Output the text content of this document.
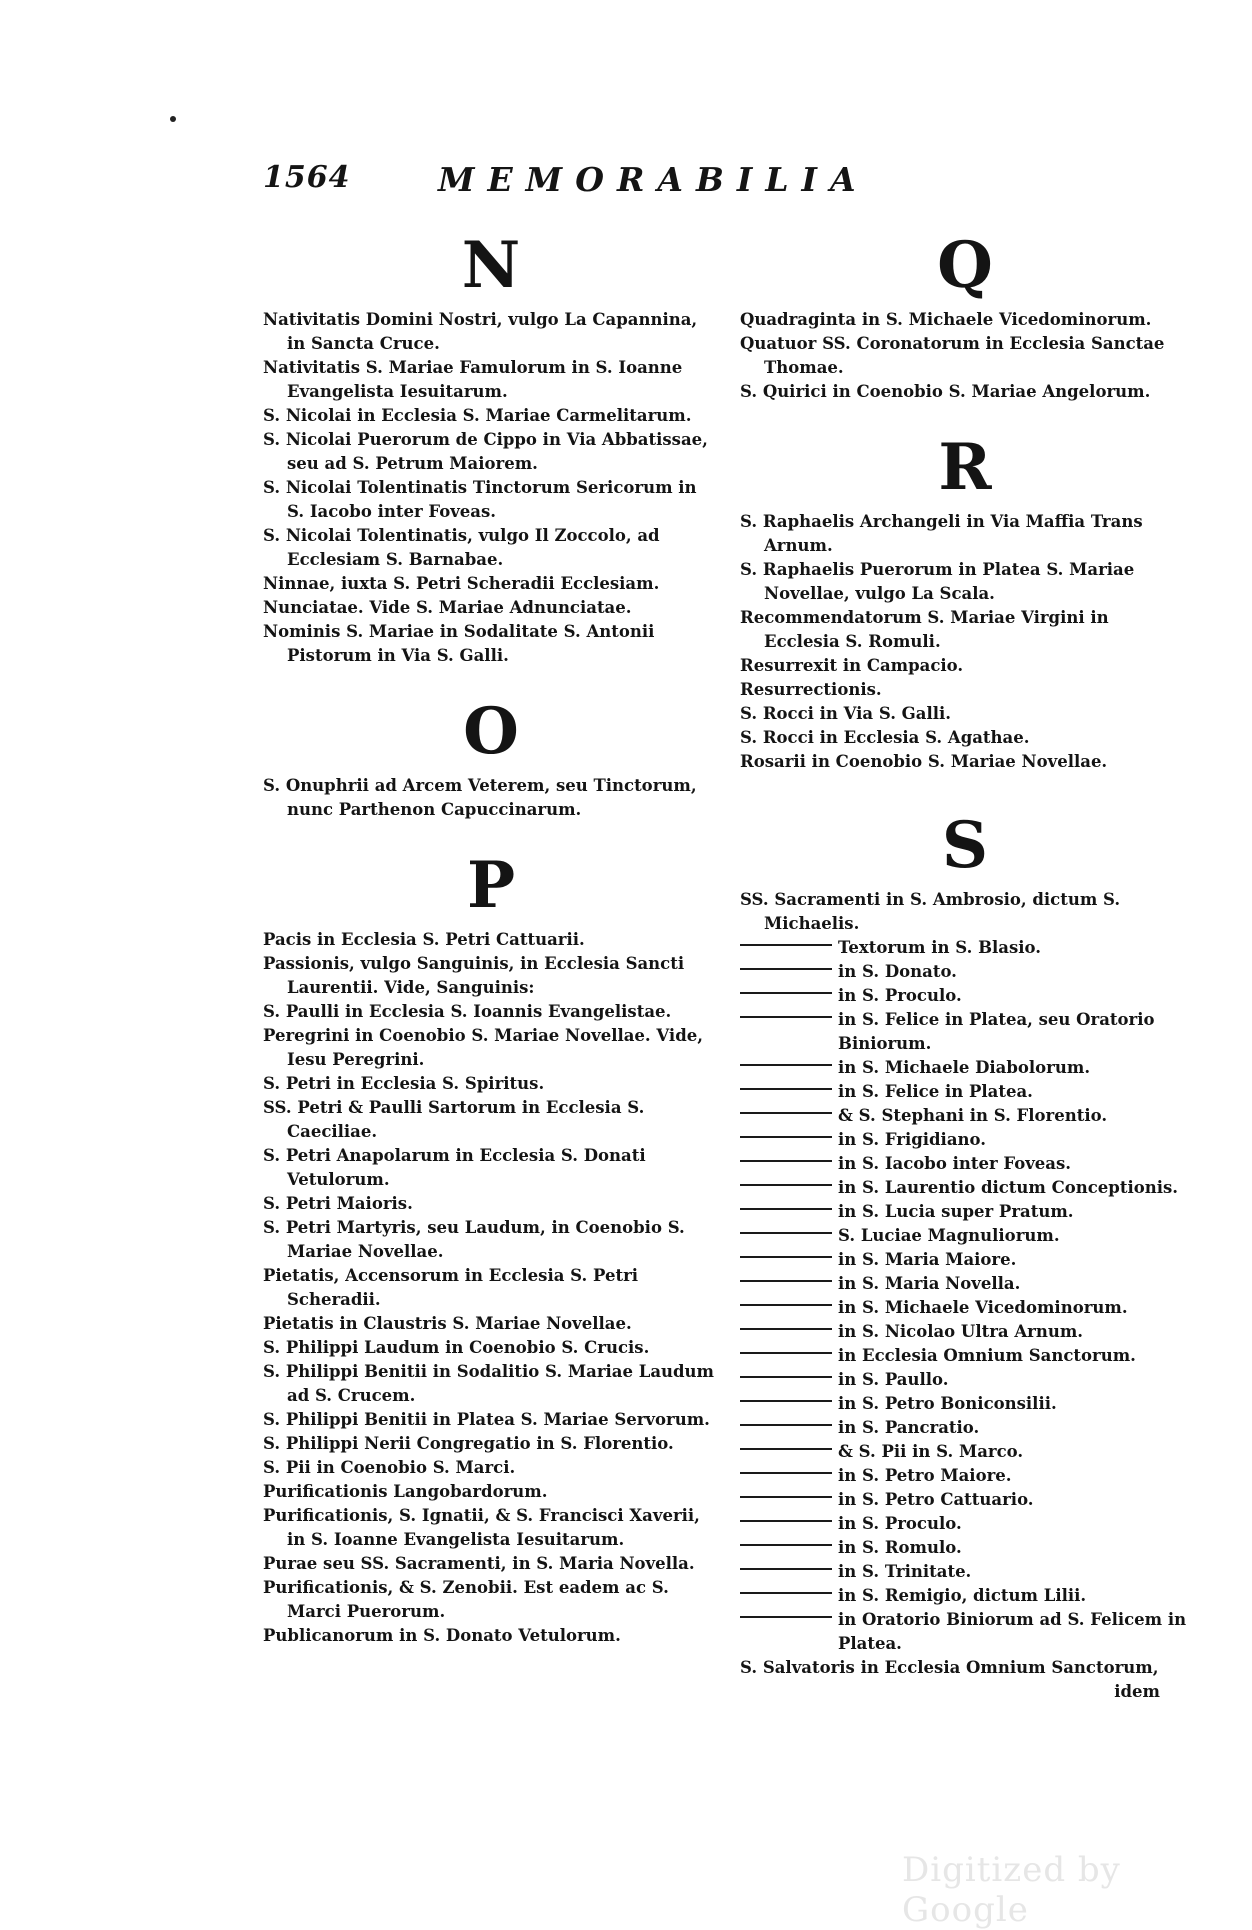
1564	MEMORABILIA
N
Nativitatis Domini Nostri, vulgo La Capannina, in Sancta Cruce.
Nativitatis S. Mariae Famulorum in S. Ioanne Evangelista Iesuitarum.
S. Nicolai in Ecclesia S. Mariae Carmelitarum.
S. Nicolai Puerorum de Cippo in Via Abbatissae, seu ad S. Petrum Maiorem.
S. Nicolai Tolentinatis Tinctorum Sericorum in S. Iacobo inter Foveas.
S. Nicolai Tolentinatis, vulgo Il Zoccolo, ad Ecclesiam S. Barnabae.
Ninnae, iuxta S. Petri Scheradii Ecclesiam.
Nunciatae. Vide S. Mariae Adnunciatae.
Nominis S. Mariae in Sodalitate S. Antonii Pistorum in Via S. Galli.
O
S. Onuphrii ad Arcem Veterem, seu Tinctorum, nunc Parthenon Capuccinarum.
P
Pacis in Ecclesia S. Petri Cattuarii.
Passionis, vulgo Sanguinis, in Ecclesia Sancti Laurentii. Vide, Sanguinis:
S. Paulli in Ecclesia S. Ioannis Evangelistae.
Peregrini in Coenobio S. Mariae Novellae. Vide, Iesu Peregrini.
S. Petri in Ecclesia S. Spiritus.
SS. Petri & Paulli Sartorum in Ecclesia S. Caeciliae.
S. Petri Anapolarum in Ecclesia S. Donati Vetulorum.
S. Petri Maioris.
S. Petri Martyris, seu Laudum, in Coenobio S. Mariae Novellae.
Pietatis, Accensorum in Ecclesia S. Petri Scheradii.
Pietatis in Claustris S. Mariae Novellae.
S. Philippi Laudum in Coenobio S. Crucis.
S. Philippi Benitii in Sodalitio S. Mariae Laudum ad S. Crucem.
S. Philippi Benitii in Platea S. Mariae Servorum.
S. Philippi Nerii Congregatio in S. Florentio.
S. Pii in Coenobio S. Marci.
Purificationis Langobardorum.
Purificationis, S. Ignatii, & S. Francisci Xaverii, in S. Ioanne Evangelista Iesuitarum.
Purae seu SS. Sacramenti, in S. Maria Novella.
Purificationis, & S. Zenobii. Est eadem ac S. Marci Puerorum.
Publicanorum in S. Donato Vetulorum.
Q
Quadraginta in S. Michaele Vicedominorum.
Quatuor SS. Coronatorum in Ecclesia Sanctae Thomae.
S. Quirici in Coenobio S. Mariae Angelorum.
R
S. Raphaelis Archangeli in Via Maffia Trans Arnum.
S. Raphaelis Puerorum in Platea S. Mariae Novellae, vulgo La Scala.
Recommendatorum S. Mariae Virgini in Ecclesia S. Romuli.
Resurrexit in Campacio.
Resurrectionis.
S. Rocci in Via S. Galli.
S. Rocci in Ecclesia S. Agathae.
Rosarii in Coenobio S. Mariae Novellae.
S
SS. Sacramenti in S. Ambrosio, dictum S. Michaelis.
Textorum in S. Blasio.
in S. Donato.
in S. Proculo.
in S. Felice in Platea, seu Oratorio Biniorum.
in S. Michaele Diabolorum.
in S. Felice in Platea.
& S. Stephani in S. Florentio.
in S. Frigidiano.
in S. Iacobo inter Foveas.
in S. Laurentio dictum Conceptionis.
in S. Lucia super Pratum.
S. Luciae Magnuliorum.
in S. Maria Maiore.
in S. Maria Novella.
in S. Michaele Vicedominorum.
in S. Nicolao Ultra Arnum.
in Ecclesia Omnium Sanctorum.
in S. Paullo.
in S. Petro Boniconsilii.
in S. Pancratio.
& S. Pii in S. Marco.
in S. Petro Maiore.
in S. Petro Cattuario.
in S. Proculo.
in S. Romulo.
in S. Trinitate.
in S. Remigio, dictum Lilii.
in Oratorio Biniorum ad S. Felicem in Platea.
S. Salvatoris in Ecclesia Omnium Sanctorum,
idem
Digitized by Google
